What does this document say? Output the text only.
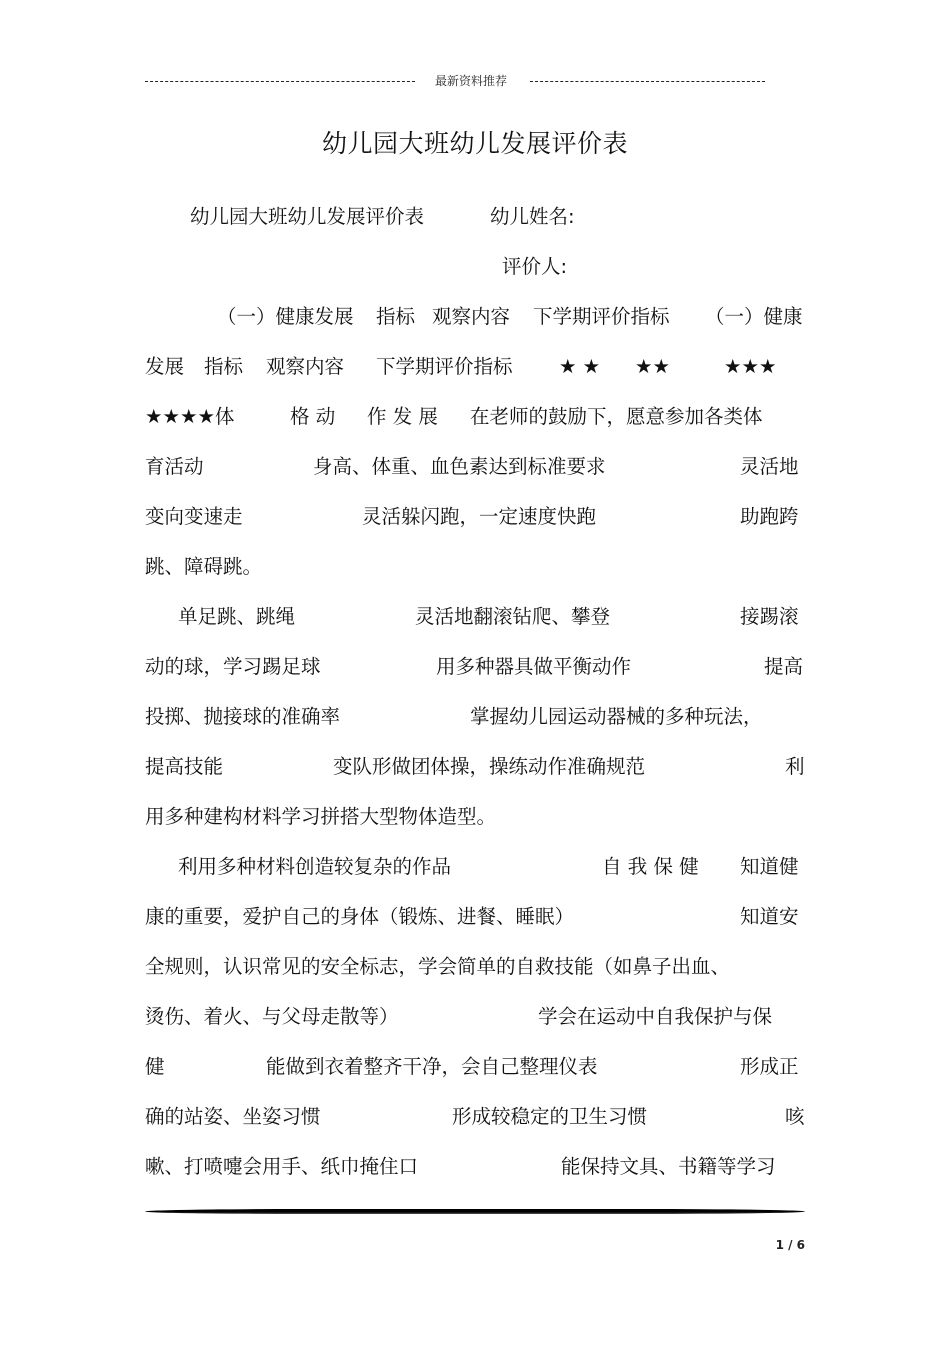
最新资料推荐
幼儿园大班幼儿发展评价表
幼儿园大班幼儿发展评价表	幼儿姓名:
评价人:
（一）健康发展 指标 观察内容 下学期评价指标 （一）健康
发展 指标 观察内容 下学期评价指标 ★ ★ ★★	★★★
★★★★体	格 动 作 发 展 在老师的鼓励下，愿意参加各类体
育活动	身高、体重、血色素达到标准要求	灵活地
变向变速走	灵活躲闪跑，一定速度快跑	助跑跨
跳、障碍跳。
单足跳、跳绳	灵活地翻滚钻爬、攀登	接踢滚
动的球，学习踢足球	用多种器具做平衡动作	提高
投掷、抛接球的准确率	掌握幼儿园运动器械的多种玩法，
提高技能	变队形做团体操，操练动作准确规范	利
用多种建构材料学习拼搭大型物体造型。
利用多种材料创造较复杂的作品	自 我 保 健 知道健
康的重要，爱护自己的身体（锻炼、进餐、睡眠）	知道安
全规则，认识常见的安全标志，学会简单的自救技能（如鼻子出血、
烫伤、着火、与父母走散等）	学会在运动中自我保护与保
健	能做到衣着整齐干净，会自己整理仪表	形成正
确的站姿、坐姿习惯	形成较稳定的卫生习惯	咳
嗽、打喷嚏会用手、纸巾掩住口	能保持文具、书籍等学习
1 / 6
